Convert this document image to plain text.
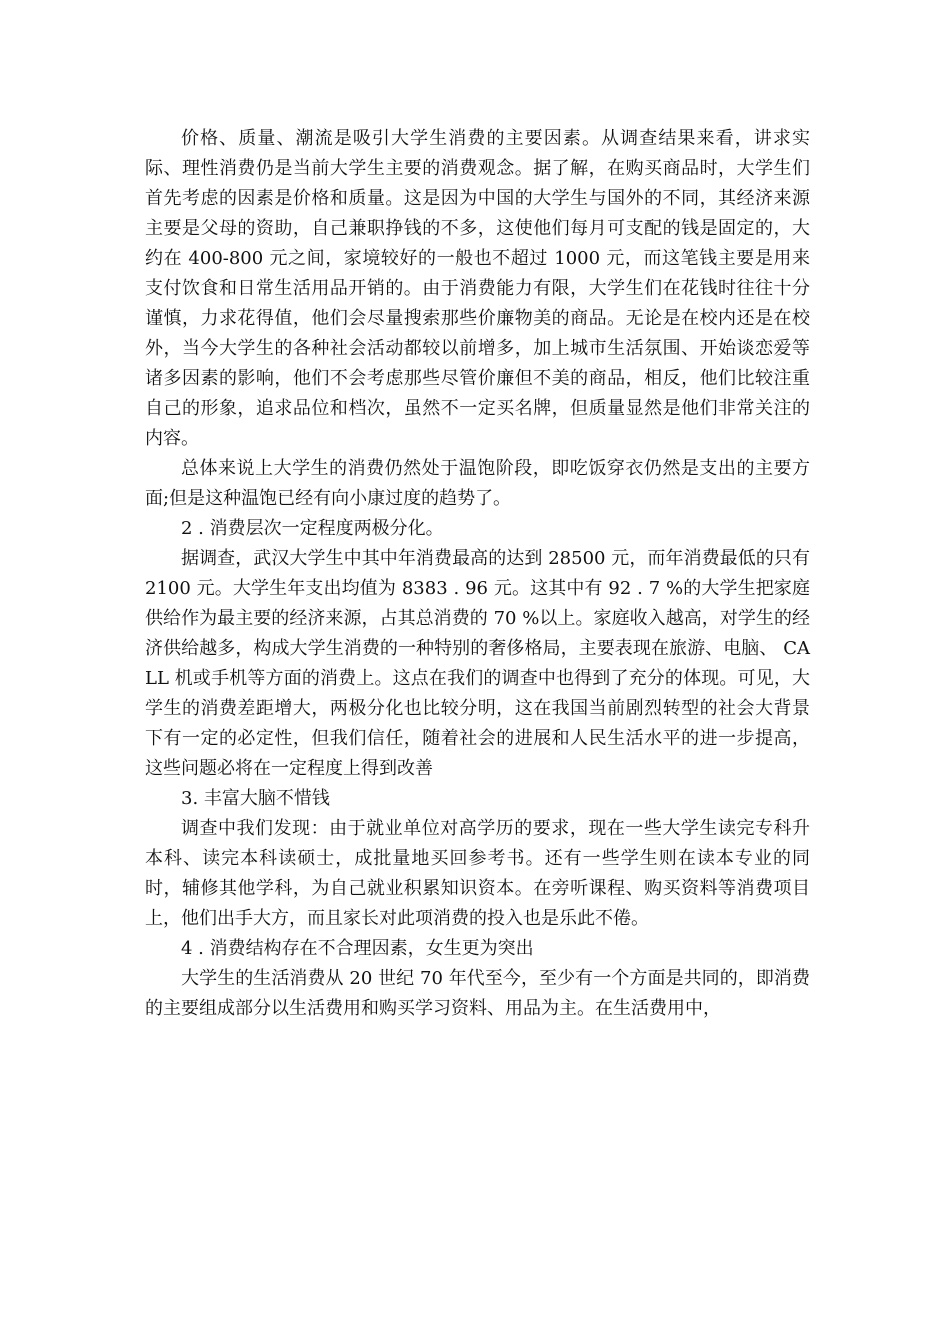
价格、质量、潮流是吸引大学生消费的主要因素。从调查结果来看，讲求实际、理性消费仍是当前大学生主要的消费观念。据了解，在购买商品时，大学生们首先考虑的因素是价格和质量。这是因为中国的大学生与国外的不同，其经济来源主要是父母的资助，自己兼职挣钱的不多，这使他们每月可支配的钱是固定的，大约在 400-800 元之间，家境较好的一般也不超过 1000 元，而这笔钱主要是用来支付饮食和日常生活用品开销的。由于消费能力有限，大学生们在花钱时往往十分谨慎，力求花得值，他们会尽量搜索那些价廉物美的商品。无论是在校内还是在校外，当今大学生的各种社会活动都较以前增多，加上城市生活氛围、开始谈恋爱等诸多因素的影响，他们不会考虑那些尽管价廉但不美的商品，相反，他们比较注重自己的形象，追求品位和档次，虽然不一定买名牌，但质量显然是他们非常关注的内容。

总体来说上大学生的消费仍然处于温饱阶段，即吃饭穿衣仍然是支出的主要方面;但是这种温饱已经有向小康过度的趋势了。

2 . 消费层次一定程度两极分化。

据调查，武汉大学生中其中年消费最高的达到 28500 元，而年消费最低的只有 2100 元。大学生年支出均值为 8383 . 96 元。这其中有 92 . 7 %的大学生把家庭供给作为最主要的经济来源，占其总消费的 70 %以上。家庭收入越高，对学生的经济供给越多，构成大学生消费的一种特别的奢侈格局，主要表现在旅游、电脑、 CALL 机或手机等方面的消费上。这点在我们的调查中也得到了充分的体现。可见，大学生的消费差距增大，两极分化也比较分明，这在我国当前剧烈转型的社会大背景下有一定的必定性，但我们信任，随着社会的进展和人民生活水平的进一步提高，这些问题必将在一定程度上得到改善

3. 丰富大脑不惜钱

调查中我们发现：由于就业单位对高学历的要求，现在一些大学生读完专科升本科、读完本科读硕士，成批量地买回参考书。还有一些学生则在读本专业的同时，辅修其他学科，为自己就业积累知识资本。在旁听课程、购买资料等消费项目上，他们出手大方，而且家长对此项消费的投入也是乐此不倦。

4 . 消费结构存在不合理因素，女生更为突出

大学生的生活消费从 20 世纪 70 年代至今，至少有一个方面是共同的，即消费的主要组成部分以生活费用和购买学习资料、用品为主。在生活费用中，
